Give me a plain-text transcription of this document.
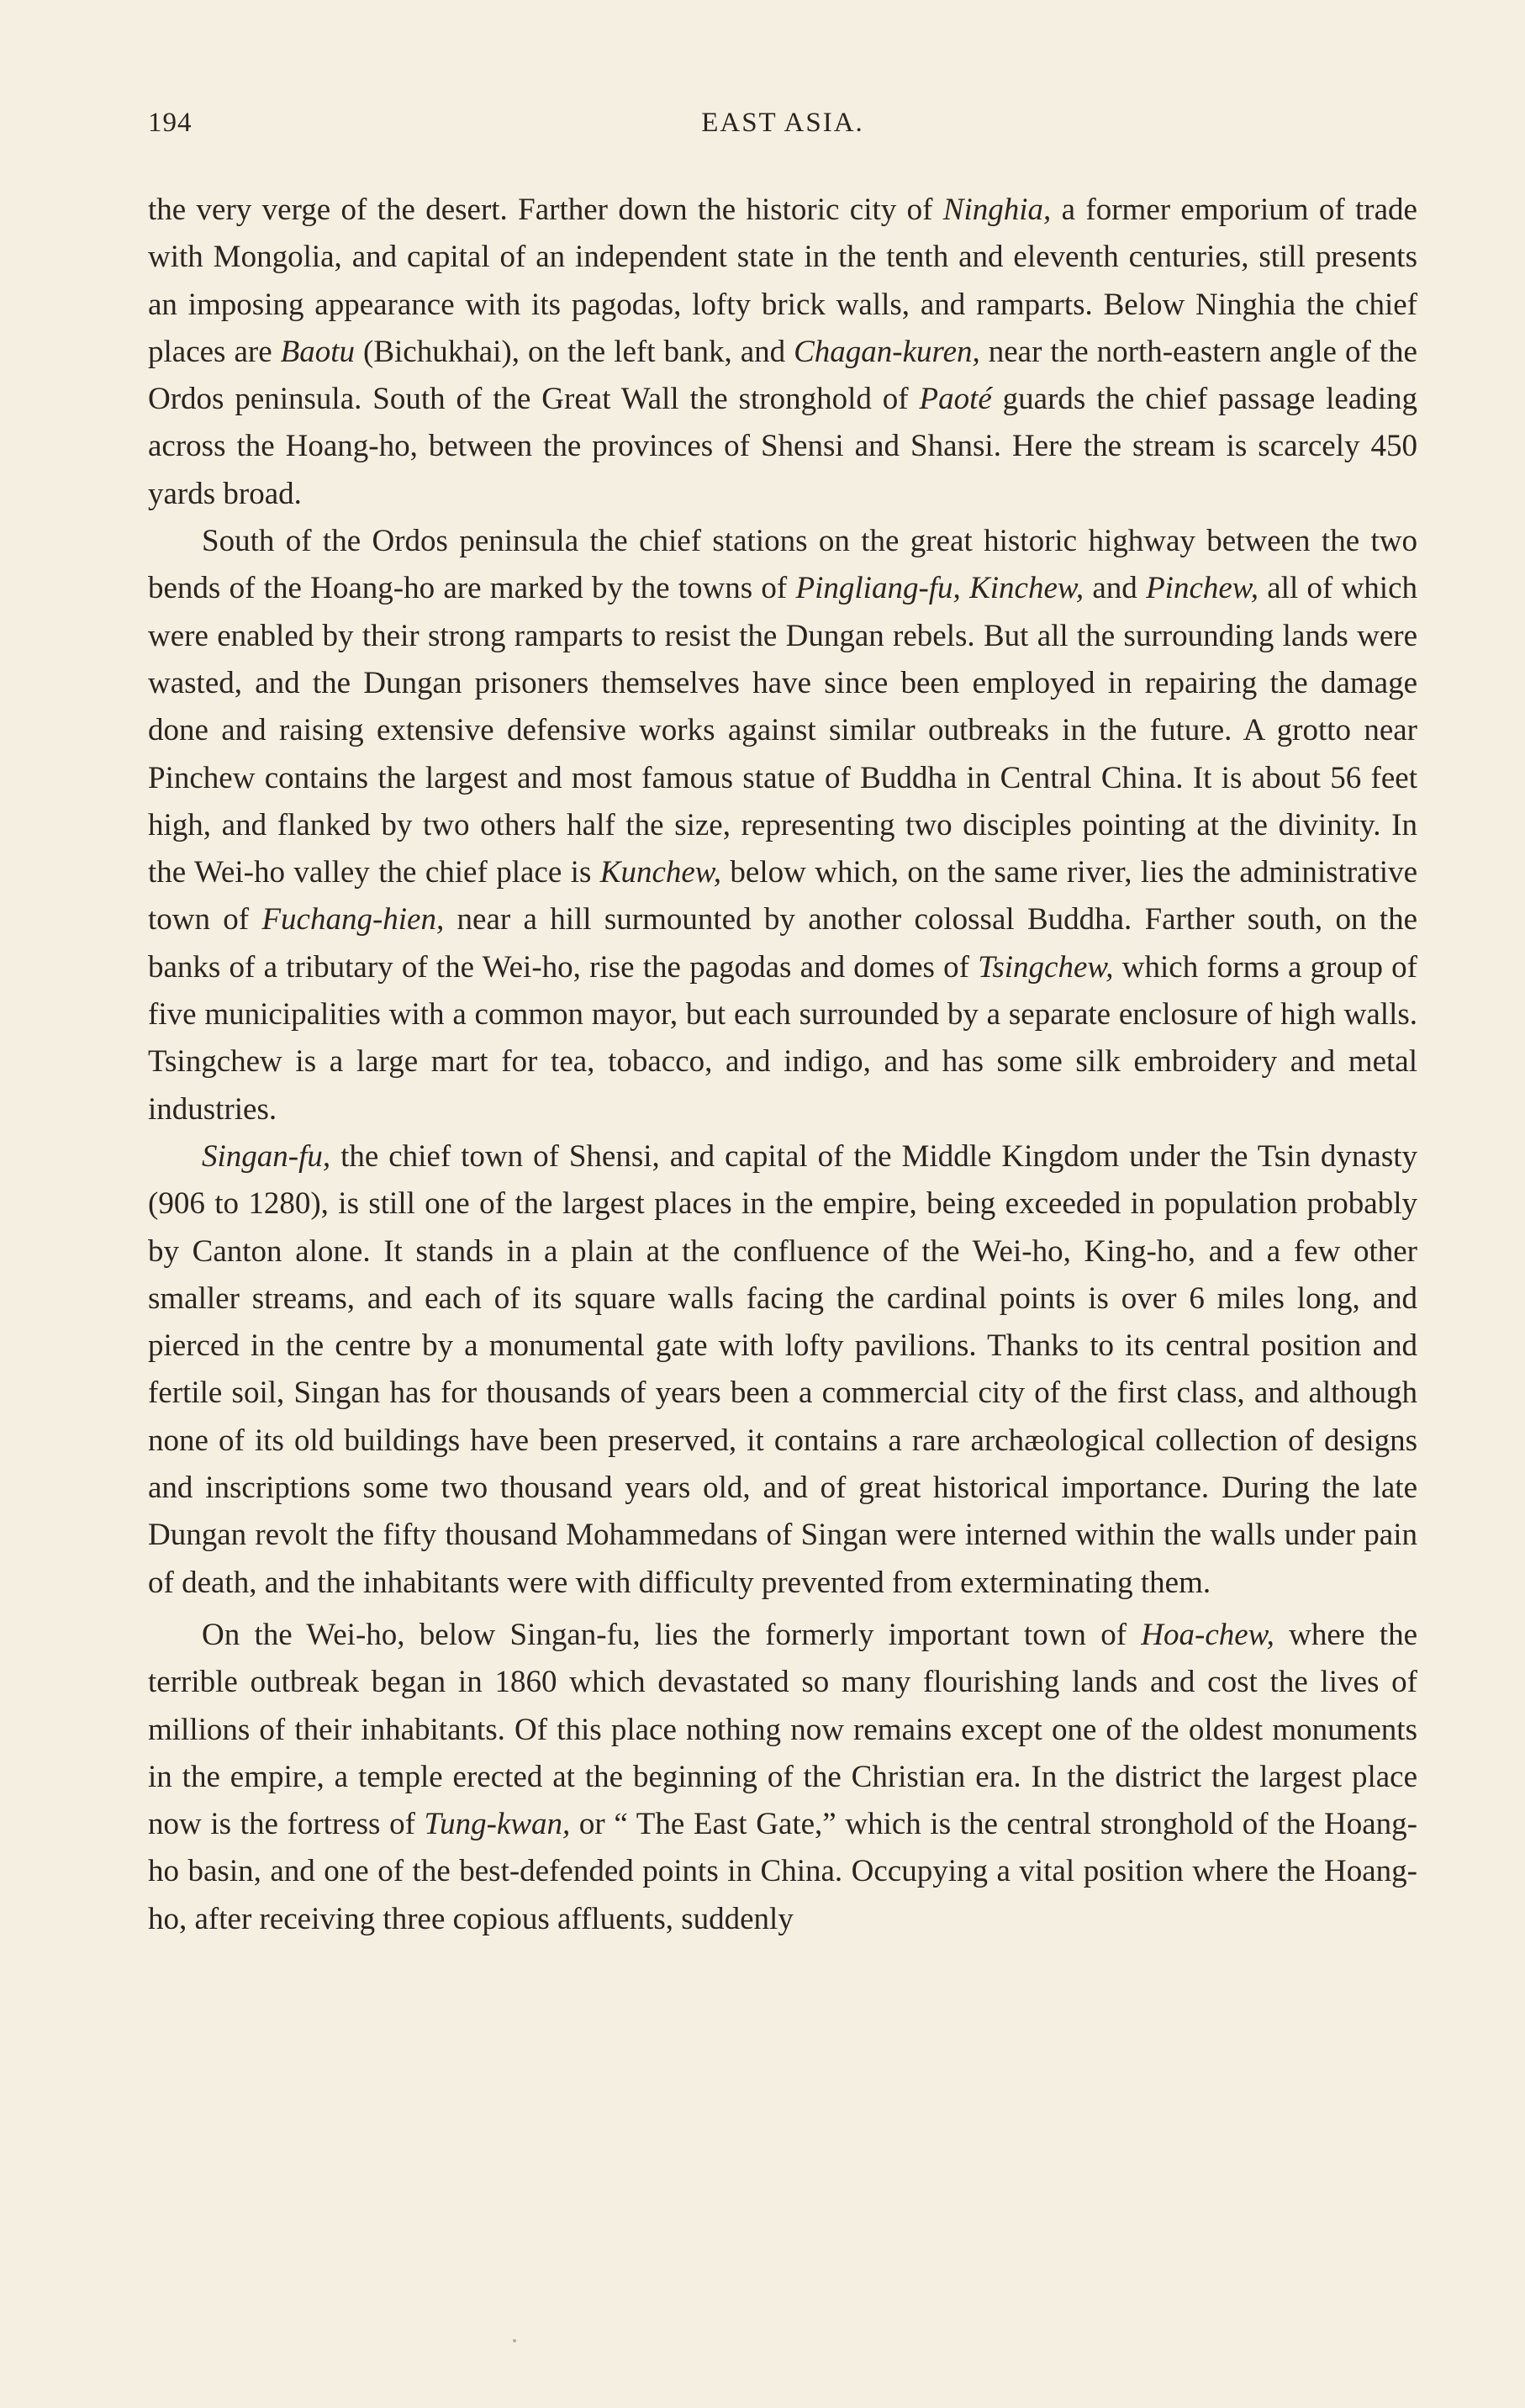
194	EAST ASIA.

the very verge of the desert. Farther down the historic city of Ninghia, a former emporium of trade with Mongolia, and capital of an independent state in the tenth and eleventh centuries, still presents an imposing appearance with its pagodas, lofty brick walls, and ramparts. Below Ninghia the chief places are Baotu (Bichukhai), on the left bank, and Chagan-kuren, near the north-eastern angle of the Ordos peninsula. South of the Great Wall the stronghold of Paoté guards the chief passage leading across the Hoang-ho, between the provinces of Shensi and Shansi. Here the stream is scarcely 450 yards broad.

South of the Ordos peninsula the chief stations on the great historic highway between the two bends of the Hoang-ho are marked by the towns of Pingliang-fu, Kinchew, and Pinchew, all of which were enabled by their strong ramparts to resist the Dungan rebels. But all the surrounding lands were wasted, and the Dungan prisoners themselves have since been employed in repairing the damage done and raising extensive defensive works against similar outbreaks in the future. A grotto near Pinchew contains the largest and most famous statue of Buddha in Central China. It is about 56 feet high, and flanked by two others half the size, representing two disciples pointing at the divinity. In the Wei-ho valley the chief place is Kunchew, below which, on the same river, lies the administrative town of Fuchang-hien, near a hill surmounted by another colossal Buddha. Farther south, on the banks of a tributary of the Wei-ho, rise the pagodas and domes of Tsingchew, which forms a group of five municipalities with a common mayor, but each surrounded by a separate enclosure of high walls. Tsingchew is a large mart for tea, tobacco, and indigo, and has some silk embroidery and metal industries.

Singan-fu, the chief town of Shensi, and capital of the Middle Kingdom under the Tsin dynasty (906 to 1280), is still one of the largest places in the empire, being exceeded in population probably by Canton alone. It stands in a plain at the confluence of the Wei-ho, King-ho, and a few other smaller streams, and each of its square walls facing the cardinal points is over 6 miles long, and pierced in the centre by a monumental gate with lofty pavilions. Thanks to its central position and fertile soil, Singan has for thousands of years been a commercial city of the first class, and although none of its old buildings have been preserved, it contains a rare archæological collection of designs and inscriptions some two thousand years old, and of great historical importance. During the late Dungan revolt the fifty thousand Mohammedans of Singan were interned within the walls under pain of death, and the inhabitants were with difficulty prevented from exterminating them.

On the Wei-ho, below Singan-fu, lies the formerly important town of Hoa-chew, where the terrible outbreak began in 1860 which devastated so many flourishing lands and cost the lives of millions of their inhabitants. Of this place nothing now remains except one of the oldest monuments in the empire, a temple erected at the beginning of the Christian era. In the district the largest place now is the fortress of Tung-kwan, or “ The East Gate,” which is the central stronghold of the Hoang-ho basin, and one of the best-defended points in China. Occupying a vital position where the Hoang-ho, after receiving three copious affluents, suddenly
